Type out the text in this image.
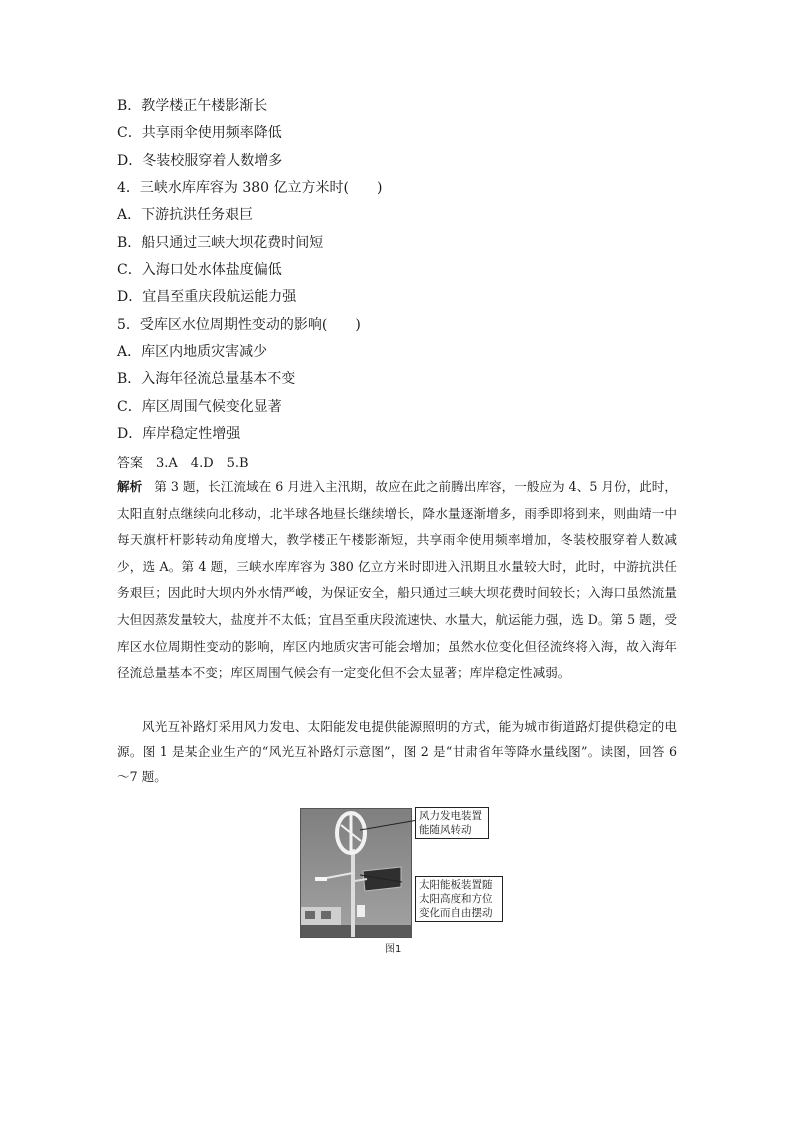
B．教学楼正午楼影渐长
C．共享雨伞使用频率降低
D．冬装校服穿着人数增多
4．三峡水库库容为 380 亿立方米时(　　)
A．下游抗洪任务艰巨
B．船只通过三峡大坝花费时间短
C．入海口处水体盐度偏低
D．宜昌至重庆段航运能力强
5．受库区水位周期性变动的影响(　　)
A．库区内地质灾害减少
B．入海年径流总量基本不变
C．库区周围气候变化显著
D．库岸稳定性增强
答案　3.A　4.D　5.B
解析 第 3 题，长江流域在 6 月进入主汛期，故应在此之前腾出库容，一般应为 4、5 月份，此时，太阳直射点继续向北移动，北半球各地昼长继续增长，降水量逐渐增多，雨季即将到来，则曲靖一中每天旗杆杆影转动角度增大，教学楼正午楼影渐短，共享雨伞使用频率增加，冬装校服穿着人数减少，选 A。第 4 题，三峡水库库容为 380 亿立方米时即进入汛期且水量较大时，此时，中游抗洪任务艰巨；因此时大坝内外水情严峻，为保证安全，船只通过三峡大坝花费时间较长；入海口虽然流量大但因蒸发量较大，盐度并不太低；宜昌至重庆段流速快、水量大，航运能力强，选 D。第 5 题，受库区水位周期性变动的影响，库区内地质灾害可能会增加；虽然水位变化但径流终将入海，故入海年径流总量基本不变；库区周围气候会有一定变化但不会太显著；库岸稳定性减弱。
风光互补路灯采用风力发电、太阳能发电提供能源照明的方式，能为城市街道路灯提供稳定的电源。图 1 是某企业生产的“风光互补路灯示意图”，图 2 是“甘肃省年等降水量线图”。读图，回答 6～7 题。
风力发电装置能随风转动
太阳能板装置随太阳高度和方位变化而自由摆动
图1
